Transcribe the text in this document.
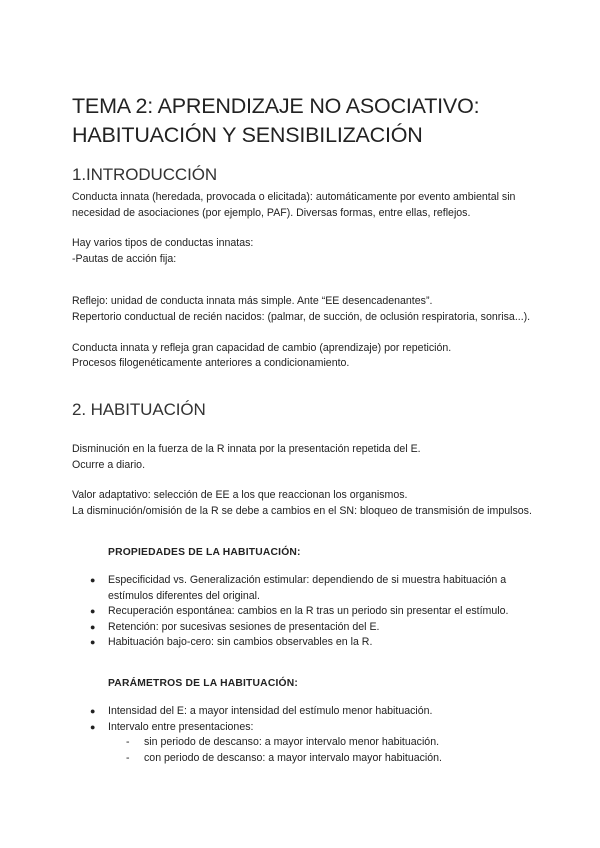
TEMA 2: APRENDIZAJE NO ASOCIATIVO: HABITUACIÓN Y SENSIBILIZACIÓN
1.INTRODUCCIÓN

Conducta innata (heredada, provocada o elicitada): automáticamente por evento ambiental sin necesidad de asociaciones (por ejemplo, PAF). Diversas formas, entre ellas, reflejos.

Hay varios tipos de conductas innatas:

-Pautas de acción fija:

Reflejo: unidad de conducta innata más simple. Ante “EE desencadenantes”.

Repertorio conductual de recién nacidos: (palmar, de succión, de oclusión respiratoria, sonrisa...).

Conducta innata y refleja gran capacidad de cambio (aprendizaje) por repetición.

Procesos filogenéticamente anteriores a condicionamiento.

2. HABITUACIÓN

Disminución en la fuerza de la R innata por la presentación repetida del E.

Ocurre a diario.

Valor adaptativo: selección de EE a los que reaccionan los organismos.

La disminución/omisión de la R se debe a cambios en el SN: bloqueo de transmisión de impulsos.

PROPIEDADES DE LA HABITUACIÓN:

● Especificidad vs. Generalización estimular: dependiendo de si muestra habituación a estímulos diferentes del original.
● Recuperación espontánea: cambios en la R tras un periodo sin presentar el estímulo.
● Retención: por sucesivas sesiones de presentación del E.
● Habituación bajo-cero: sin cambios observables en la R.

PARÁMETROS DE LA HABITUACIÓN:

● Intensidad del E: a mayor intensidad del estímulo menor habituación.
● Intervalo entre presentaciones:
- sin periodo de descanso: a mayor intervalo menor habituación.
- con periodo de descanso: a mayor intervalo mayor habituación.
